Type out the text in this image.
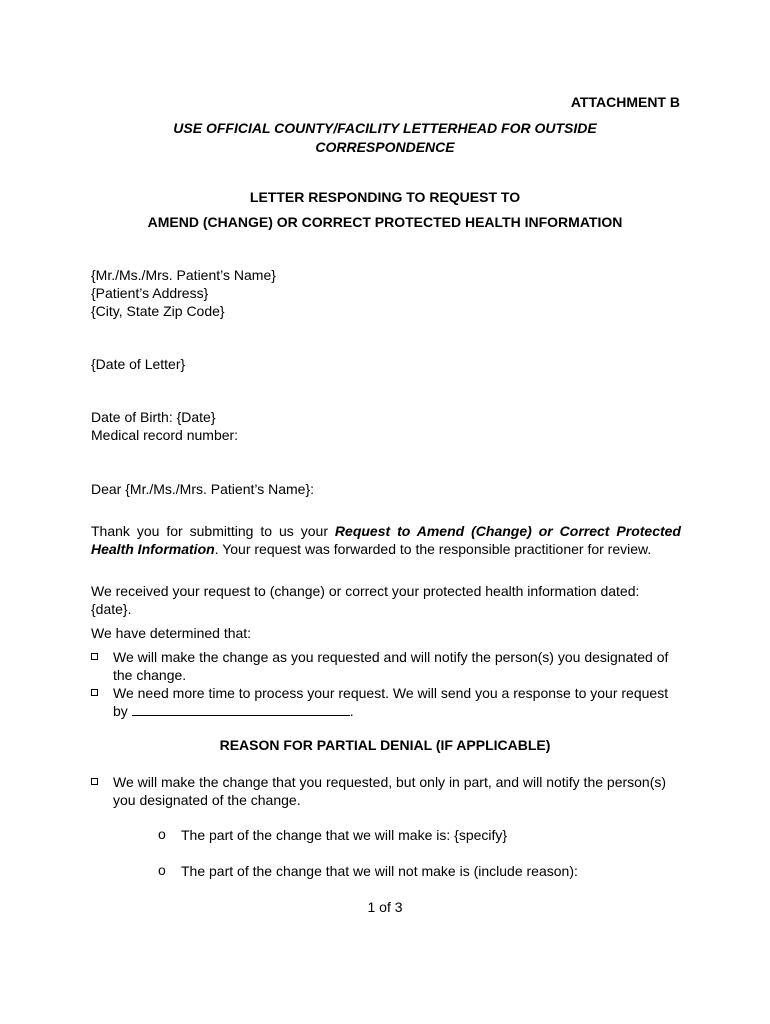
ATTACHMENT B
USE OFFICIAL COUNTY/FACILITY LETTERHEAD FOR OUTSIDE
CORRESPONDENCE
LETTER RESPONDING TO REQUEST TO
AMEND (CHANGE) OR CORRECT PROTECTED HEALTH INFORMATION
{Mr./Ms./Mrs. Patient’s Name}
{Patient’s Address}
{City, State Zip Code}
{Date of Letter}
Date of Birth: {Date}
Medical record number:
Dear {Mr./Ms./Mrs. Patient’s Name}:
Thank you for submitting to us your Request to Amend (Change) or Correct Protected Health Information. Your request was forwarded to the responsible practitioner for review.
We received your request to (change) or correct your protected health information dated: {date}.
We have determined that:
We will make the change as you requested and will notify the person(s) you designated of the change.
We need more time to process your request. We will send you a response to your request by	.
REASON FOR PARTIAL DENIAL (IF APPLICABLE)
We will make the change that you requested, but only in part, and will notify the person(s) you designated of the change.
o The part of the change that we will make is: {specify}
o The part of the change that we will not make is (include reason):
1 of 3
